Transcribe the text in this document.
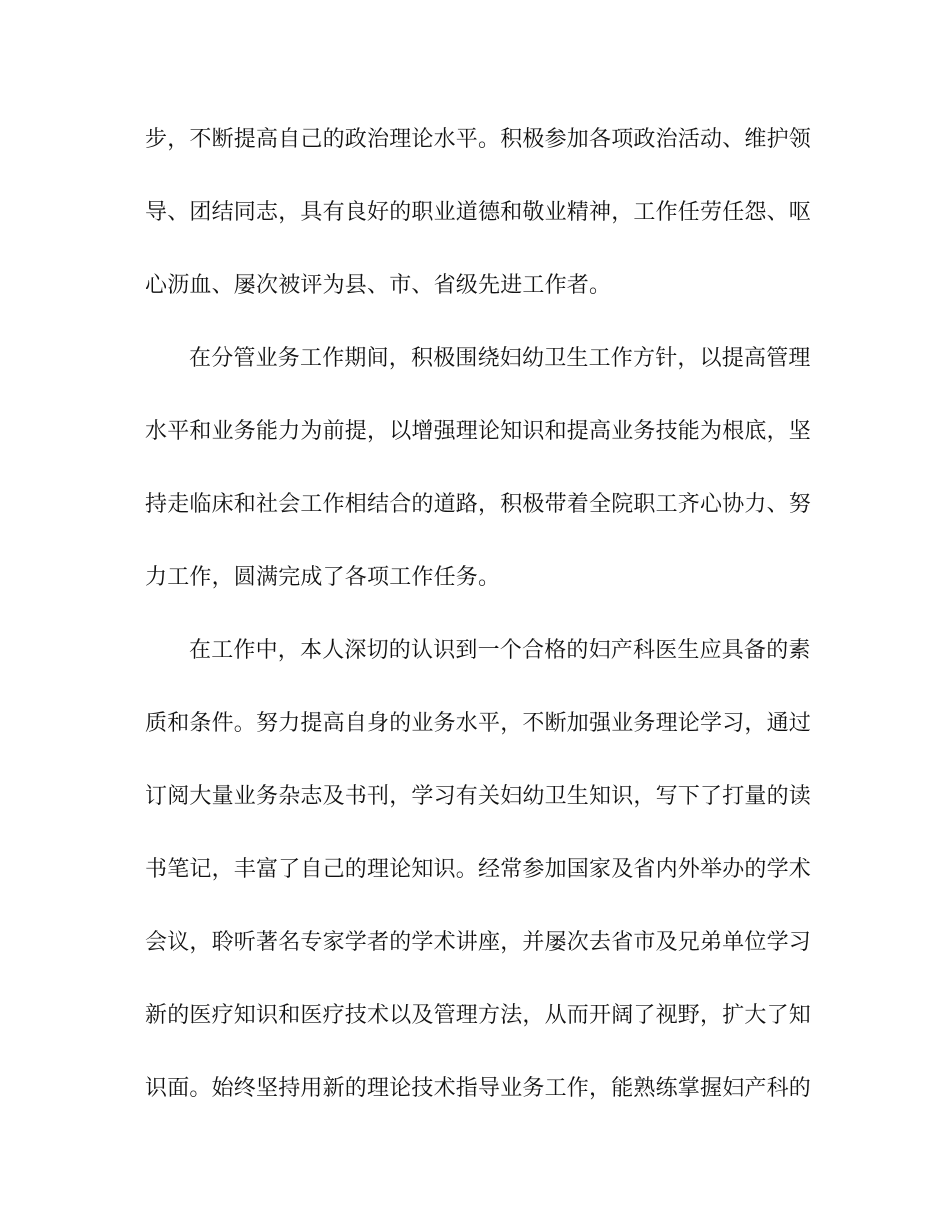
步，不断提高自己的政治理论水平。积极参加各项政治活动、维护领
导、团结同志，具有良好的职业道德和敬业精神，工作任劳任怨、呕
心沥血、屡次被评为县、市、省级先进工作者。
在分管业务工作期间，积极围绕妇幼卫生工作方针，以提高管理
水平和业务能力为前提，以增强理论知识和提高业务技能为根底，坚
持走临床和社会工作相结合的道路，积极带着全院职工齐心协力、努
力工作，圆满完成了各项工作任务。
在工作中，本人深切的认识到一个合格的妇产科医生应具备的素
质和条件。努力提高自身的业务水平，不断加强业务理论学习，通过
订阅大量业务杂志及书刊，学习有关妇幼卫生知识，写下了打量的读
书笔记，丰富了自己的理论知识。经常参加国家及省内外举办的学术
会议，聆听著名专家学者的学术讲座，并屡次去省市及兄弟单位学习
新的医疗知识和医疗技术以及管理方法，从而开阔了视野，扩大了知
识面。始终坚持用新的理论技术指导业务工作，能熟练掌握妇产科的
